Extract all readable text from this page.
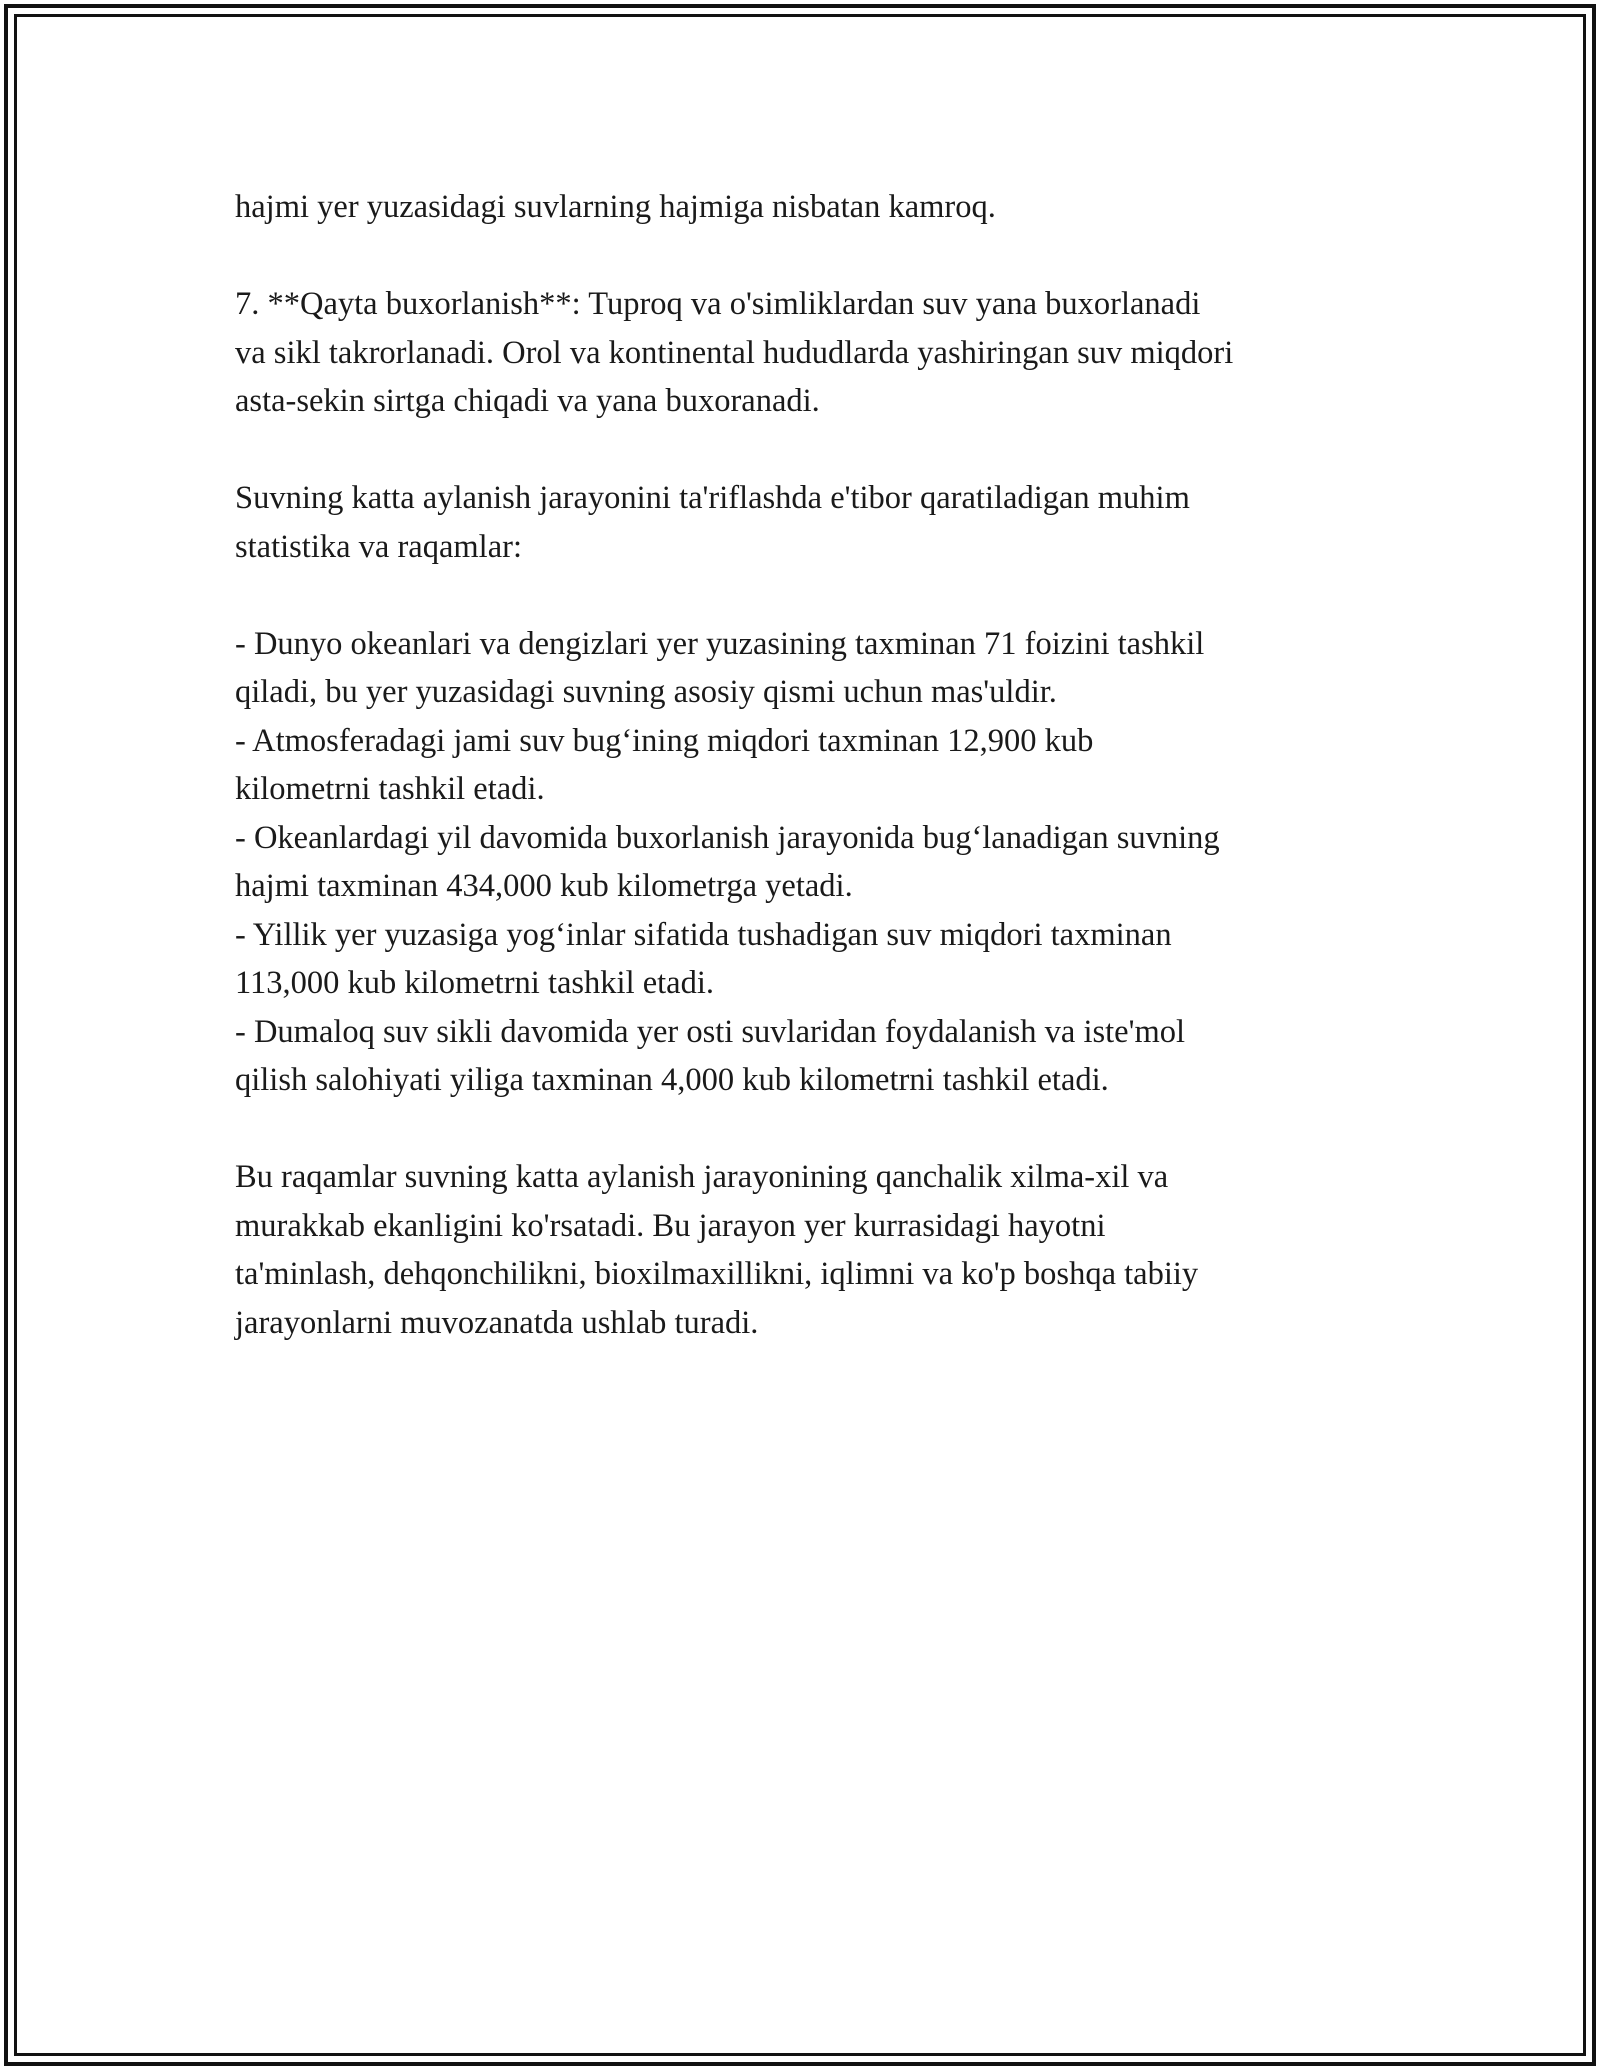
hajmi yer yuzasidagi suvlarning hajmiga nisbatan kamroq.

7. **Qayta buxorlanish**: Tuproq va o'simliklardan suv yana buxorlanadi
va sikl takrorlanadi. Orol va kontinental hududlarda yashiringan suv miqdori
asta-sekin sirtga chiqadi va yana buxoranadi.

Suvning katta aylanish jarayonini ta'riflashda e'tibor qaratiladigan muhim
statistika va raqamlar:

- Dunyo okeanlari va dengizlari yer yuzasining taxminan 71 foizini tashkil
qiladi, bu yer yuzasidagi suvning asosiy qismi uchun mas'uldir.
- Atmosferadagi jami suv bug‘ining miqdori taxminan 12,900 kub
kilometrni tashkil etadi.
- Okeanlardagi yil davomida buxorlanish jarayonida bug‘lanadigan suvning
hajmi taxminan 434,000 kub kilometrga yetadi.
- Yillik yer yuzasiga yog‘inlar sifatida tushadigan suv miqdori taxminan
113,000 kub kilometrni tashkil etadi.
- Dumaloq suv sikli davomida yer osti suvlaridan foydalanish va iste'mol
qilish salohiyati yiliga taxminan 4,000 kub kilometrni tashkil etadi.

Bu raqamlar suvning katta aylanish jarayonining qanchalik xilma-xil va
murakkab ekanligini ko'rsatadi. Bu jarayon yer kurrasidagi hayotni
ta'minlash, dehqonchilikni, bioxilmaxillikni, iqlimni va ko'p boshqa tabiiy
jarayonlarni muvozanatda ushlab turadi.
